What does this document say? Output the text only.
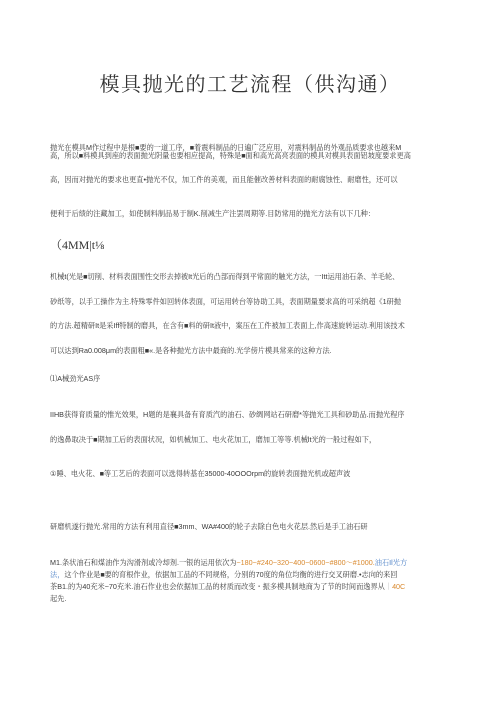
模具抛光的工艺流程（供沟通）
抛光在模具M作过程中是根■要的一道工序，■着震料制品的日遍广泛应用，对震料制品的外观品质要求也越来M
高，所以■料模具到座的表面抛光阴量也要相应提高，特殊是■面和高光高亮表面的模具对模具表面铝坡度要求更高
高，因而对抛光的要求也更直•抛光不仅，加工件的美观，而且能催改善材料表面的耐腐蚀性、耐磨性，还可以
便利于后绩的注藏加工，如使制料制品易于制K.削减生产注罢周期等.目防常用的抛光方法有以下几种：
（4MM|t⅛
机械t(光是■切削、材料表面围性交形去掉被It光后的凸部而得到平常面的触光方法，一Itt运用油石条、羊毛轮、
砂纸等，以手工操作为主.特殊零件如回转体表面，可运用转台等协助工具，表面期量要求高的可采纳超《1研抛
的方法.超精研It是采Iff特制的磨具，在含有■料的研It液中，案压在工件被加工表面上,作高速旋转运动.利用该技术
可以达到Ra0.008μm的表面粗■«.是各种抛光方法中最商的.光学傍片模具常来的这种方法.
⑴A械劲光AS序
IIHB获得育质量的惟光效果，H题的是襄具备有育质汽的油石、砂绸网站石研磨*等抛光工具和砂助品.而抛光程序
的逸鼻取决于■期加工后的表面状况，如机械加工、电火花加工，磨加工等等.机械lt光的一般过程如下，
①睡、电火花、■等工艺后的表面可以选得转基在35000-40OOOrpm的旋转表面抛光机或超声波
研磨机遂行抛光.常用的方法有利用直径■3mm、WA#400的轮子去除白色电火花层.然后是手工油石研
M1.条状油石和煤油作为沟滑剂或冷却剂.一银的运用依次为~180~#240~320~400~0600~#800～#1000.油石Il光方
法，这个作业是■要的育根作业，依据加工品的不同规格，分别的70度的角位均衡的进行交叉研磨.•志向的来回
茶B1.的为40充米~70充米.油石作业也会依据加工品的材质而改变・振多模具制地商为了节的时间而逸界从｜40C
起先.
